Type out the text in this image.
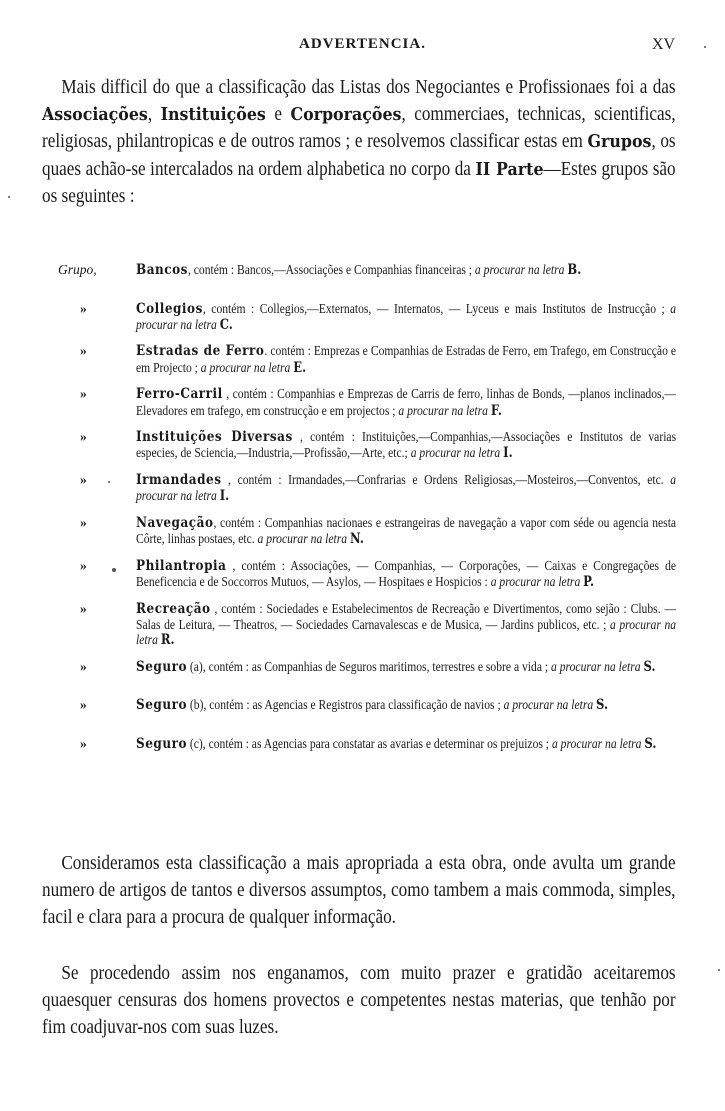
ADVERTENCIA.	XV

Mais difficil do que a classificação das Listas dos Negociantes e Profissionaes foi a das Associações, Instituições e Corporações, commerciaes, technicas, scientificas, religiosas, philantropicas e de outros ramos ; e resolvemos classificar estas em Grupos, os quaes achão-se intercalados na ordem alphabetica no corpo da II Parte—Estes grupos são os seguintes :

Grupo,	Bancos, contém : Bancos,—Associações e Companhias financeiras ; a procurar na letra B.
»	Collegios, contém : Collegios,—Externatos, — Internatos, — Lyceus e mais Institutos de Instrucção ; a procurar na letra C.
»	Estradas de Ferro. contém : Emprezas e Companhias de Estradas de Ferro, em Trafego, em Construcção e em Projecto ; a procurar na letra E.
»	Ferro-Carril , contém : Companhias e Emprezas de Carris de ferro, linhas de Bonds, —planos inclinados,—Elevadores em trafego, em construcção e em projectos ; a procurar na letra F.
»	Instituições Diversas , contém : Instituições,—Companhias,—Associações e Institutos de varias especies, de Sciencia,—Industria,—Profissão,—Arte, etc.; a procurar na letra I.
»	Irmandades , contém : Irmandades,—Confrarias e Ordens Religiosas,—Mosteiros,—Conventos, etc. a procurar na letra I.
»	Navegação, contém : Companhias nacionaes e estrangeiras de navegação a vapor com séde ou agencia nesta Côrte, linhas postaes, etc. a procurar na letra N.
»	Philantropia , contém : Associações, — Companhias, — Corporações, — Caixas e Congregações de Beneficencia e de Soccorros Mutuos, — Asylos, — Hospitaes e Hospicios : a procurar na letra P.
»	Recreação , contém : Sociedades e Estabelecimentos de Recreação e Divertimentos, como sejão : Clubs. — Salas de Leitura, — Theatros, — Sociedades Carnavalescas e de Musica, — Jardins publicos, etc. ; a procurar na letra R.
»	Seguro (a), contém : as Companhias de Seguros maritimos, terrestres e sobre a vida ; a procurar na letra S.
»	Seguro (b), contém : as Agencias e Registros para classificação de navios ; a procurar na letra S.
»	Seguro (c), contém : as Agencias para constatar as avarias e determinar os prejuizos ; a procurar na letra S.

Consideramos esta classificação a mais apropriada a esta obra, onde avulta um grande numero de artigos de tantos e diversos assumptos, como tambem a mais commoda, simples, facil e clara para a procura de qualquer informação.

Se procedendo assim nos enganamos, com muito prazer e gratidão aceitaremos quaesquer censuras dos homens provectos e competentes nestas materias, que tenhão por fim coadjuvar-nos com suas luzes.
